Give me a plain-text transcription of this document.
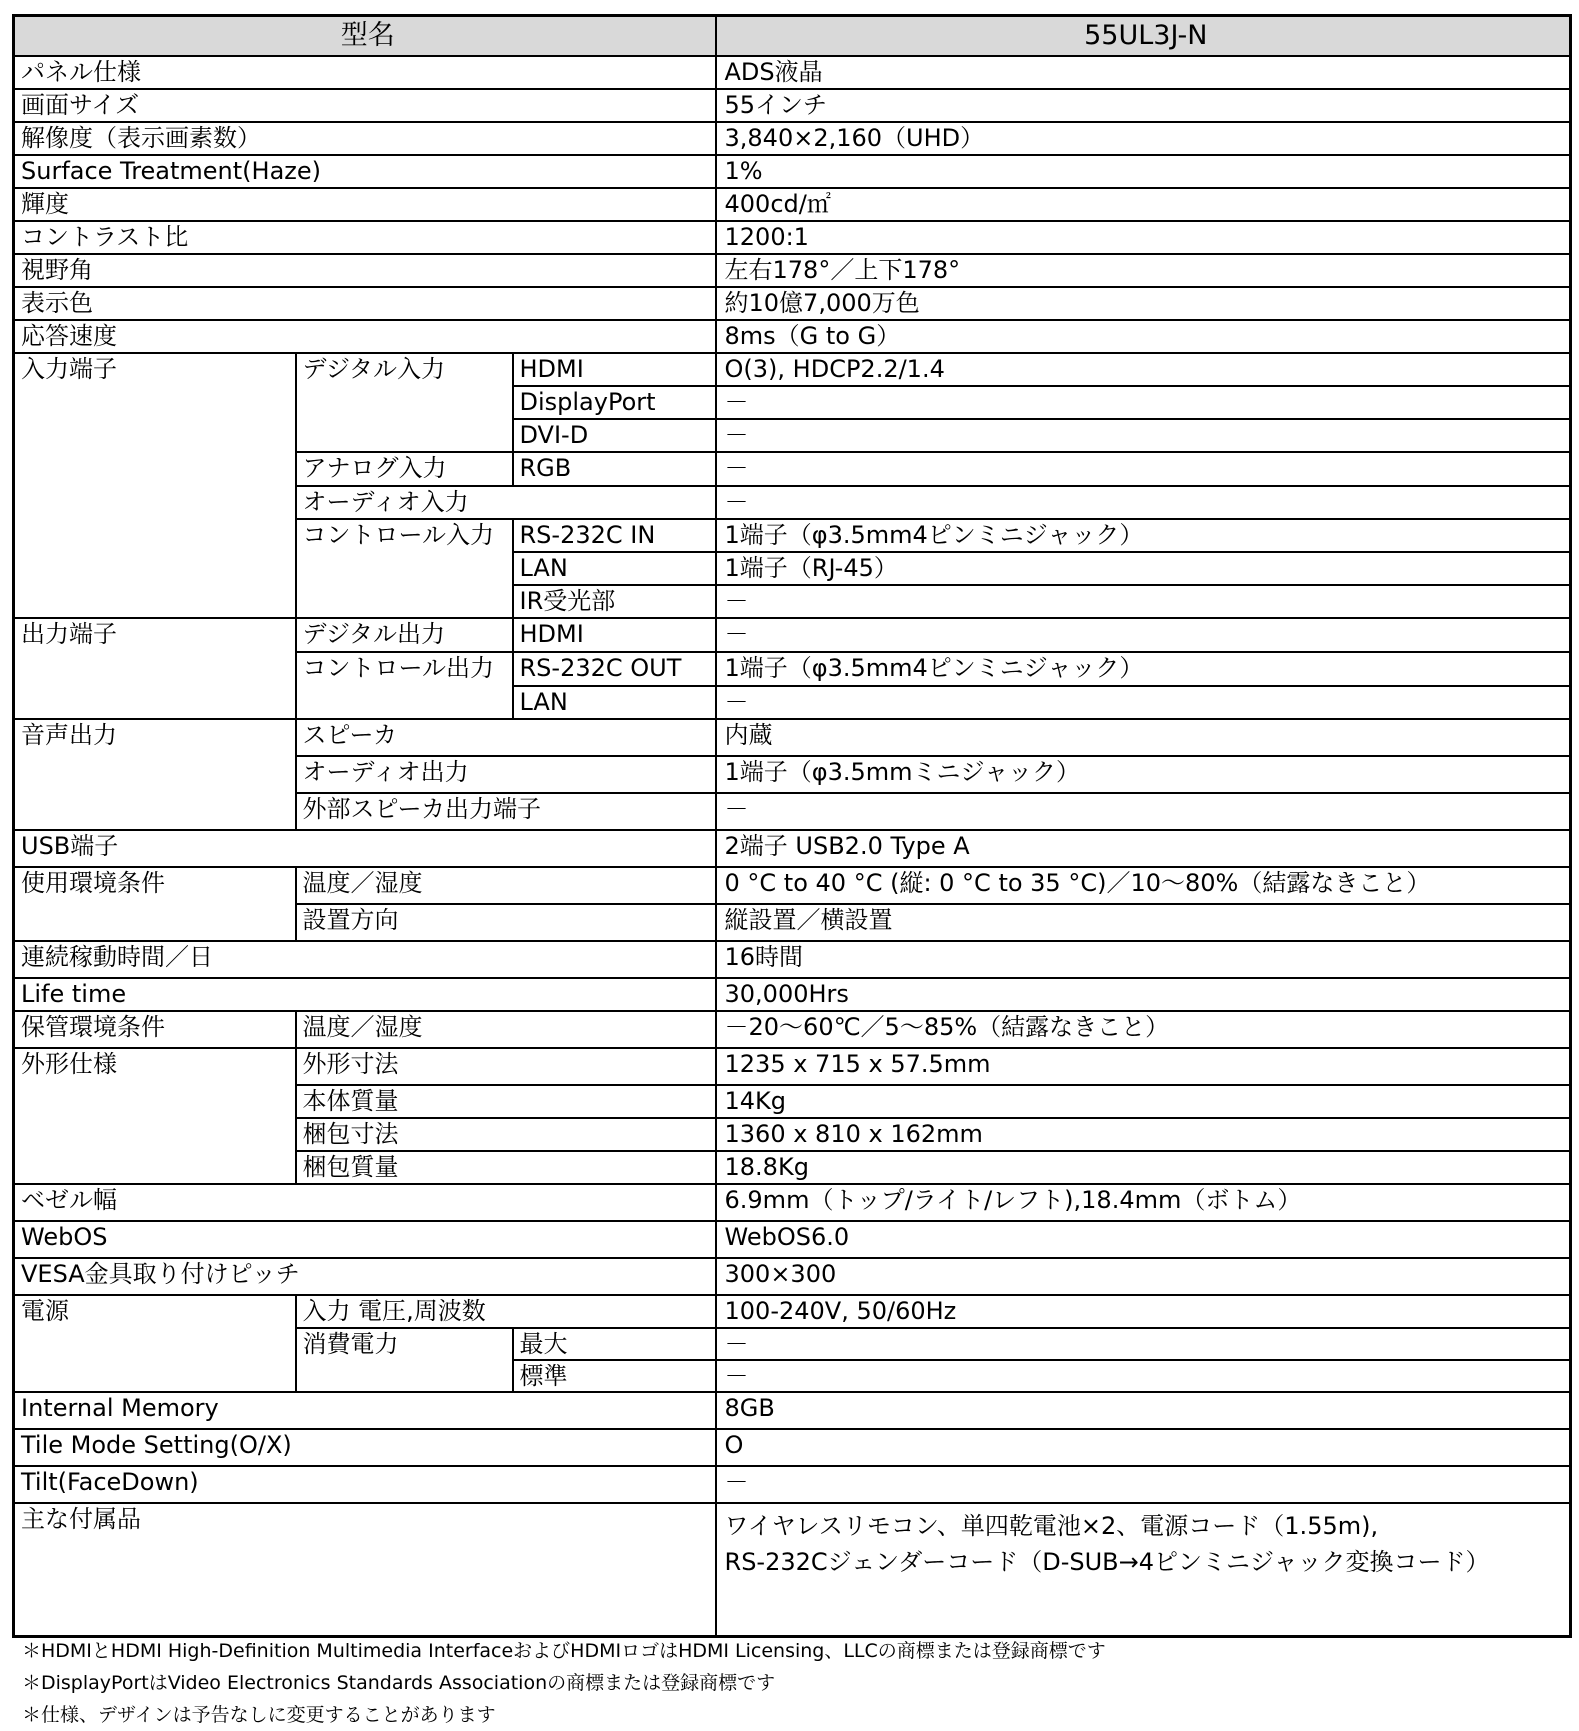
型名			55UL3J-N
パネル仕様			ADS液晶
画面サイズ			55インチ
解像度（表示画素数）			3,840×2,160（UHD）
Surface Treatment(Haze)			1%
輝度			400cd/㎡
コントラスト比			1200:1
視野角			左右178°／上下178°
表示色			約10億7,000万色
応答速度			8ms（G to G）
入力端子	デジタル入力	HDMI	O(3), HDCP2.2/1.4
		DisplayPort	－
		DVI-D	－
	アナログ入力	RGB	－
	オーディオ入力		－
	コントロール入力	RS-232C IN	1端子（φ3.5mm4ピンミニジャック）
		LAN	1端子（RJ-45）
		IR受光部	－
出力端子	デジタル出力	HDMI	－
	コントロール出力	RS-232C OUT	1端子（φ3.5mm4ピンミニジャック）
		LAN	－
音声出力	スピーカ		内蔵
	オーディオ出力		1端子（φ3.5mmミニジャック）
	外部スピーカ出力端子		－
USB端子			2端子 USB2.0 Type A
使用環境条件	温度／湿度		0 °C to 40 °C (縦: 0 °C to 35 °C)／10～80%（結露なきこと）
	設置方向		縦設置／横設置
連続稼動時間／日			16時間
Life time			30,000Hrs
保管環境条件	温度／湿度		－20～60℃／5～85%（結露なきこと）
外形仕様	外形寸法		1235 x 715 x 57.5mm
	本体質量		14Kg
	梱包寸法		1360 x 810 x 162mm
	梱包質量		18.8Kg
ベゼル幅			6.9mm（トップ/ライト/レフト),18.4mm（ボトム）
WebOS			WebOS6.0
VESA金具取り付けピッチ			300×300
電源	入力 電圧,周波数		100-240V, 50/60Hz
	消費電力	最大	－
		標準	－
Internal Memory			8GB
Tile Mode Setting(O/X)			O
Tilt(FaceDown)			－
主な付属品			ワイヤレスリモコン、単四乾電池×2、電源コード（1.55m),
RS-232Cジェンダーコード（D-SUB→4ピンミニジャック変換コード）
＊HDMIとHDMI High-Definition Multimedia InterfaceおよびHDMIロゴはHDMI Licensing、LLCの商標または登録商標です
＊DisplayPortはVideo Electronics Standards Associationの商標または登録商標です
＊仕様、デザインは予告なしに変更することがあります
